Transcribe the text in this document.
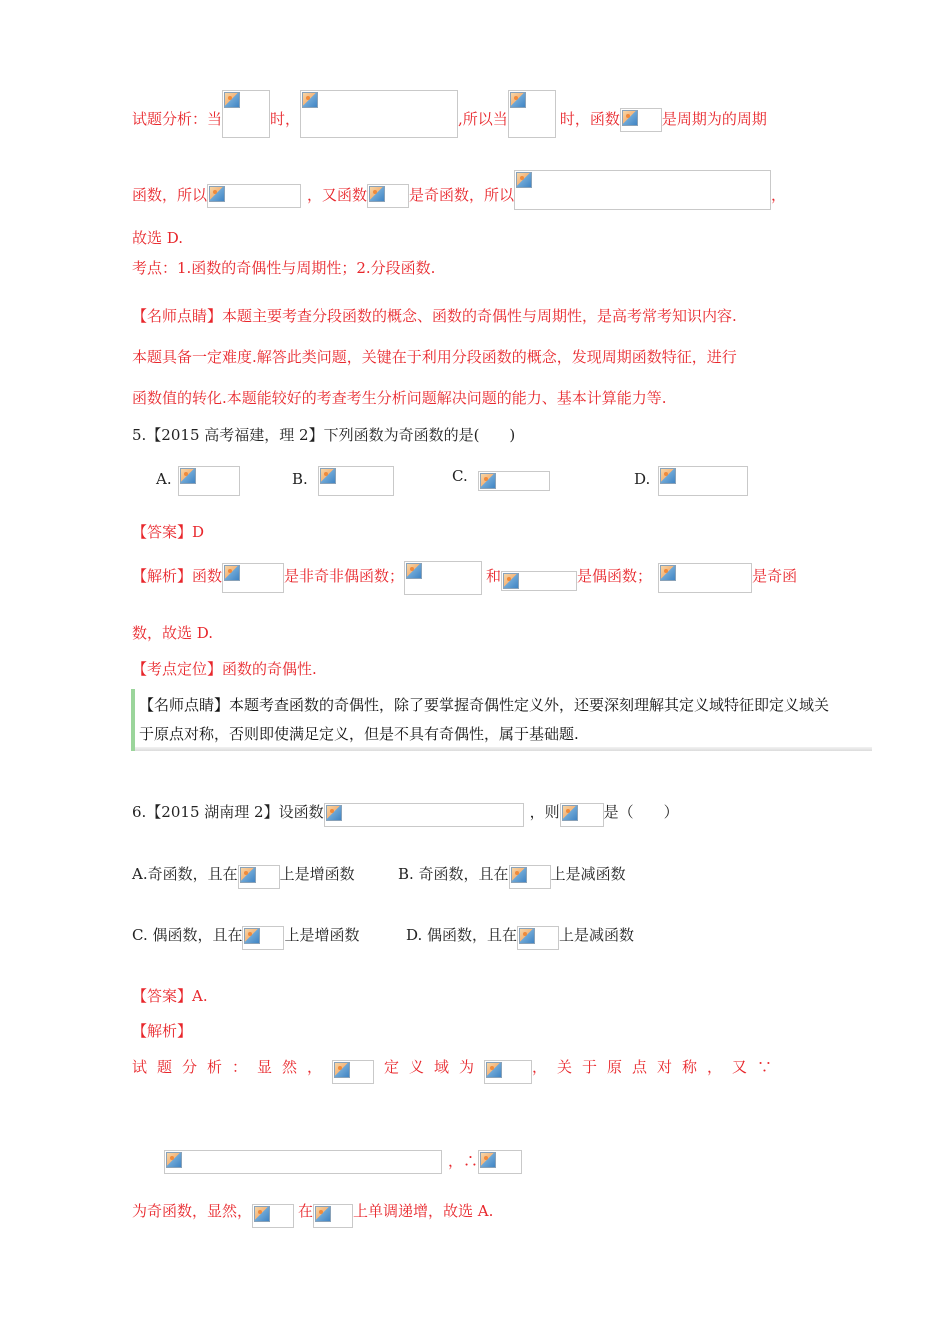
试题分析：当	时，	,所以当	时，函数	是周期为的周期
函数，所以	，又函数	是奇函数，所以	，
故选 D.
考点：1.函数的奇偶性与周期性；2.分段函数.
【名师点睛】本题主要考查分段函数的概念、函数的奇偶性与周期性，是高考常考知识内容.
本题具备一定难度.解答此类问题，关键在于利用分段函数的概念，发现周期函数特征，进行
函数值的转化.本题能较好的考查考生分析问题解决问题的能力、基本计算能力等.
5.【2015 高考福建，理 2】下列函数为奇函数的是(　　)
A.	B.	C.	D.
【答案】D
【解析】函数	是非奇非偶函数；	和	是偶函数；	是奇函
数，故选 D.
【考点定位】函数的奇偶性.
【名师点睛】本题考查函数的奇偶性，除了要掌握奇偶性定义外，还要深刻理解其定义域特征即定义域关
于原点对称，否则即使满足定义，但是不具有奇偶性，属于基础题.
6.【2015 湖南理 2】设函数	，则	是（　　）
A.奇函数，且在	上是增函数	B. 奇函数，且在	上是减函数
C. 偶函数，且在	上是增函数	D. 偶函数，且在	上是减函数
【答案】A.
【解析】
试题分析：显然，	定义域为	，关于原点对称，又∵
，∴
为奇函数，显然，	在	上单调递增，故选 A.
